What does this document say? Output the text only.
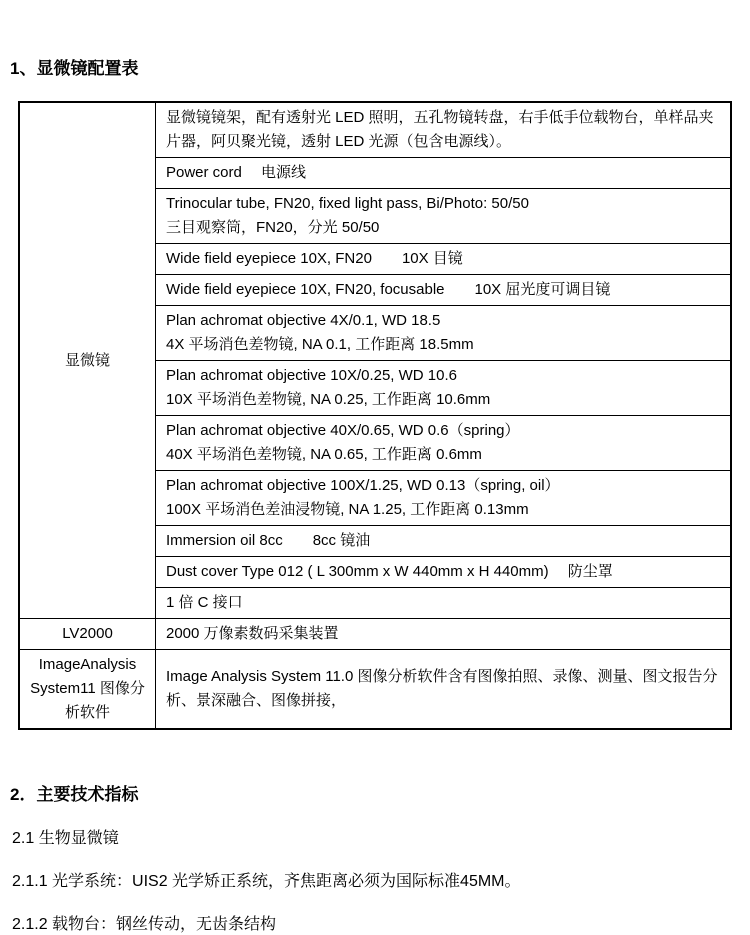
1、显微镜配置表
显微镜	显微镜镜架，配有透射光 LED 照明，五孔物镜转盘，右手低手位载物台，单样品夹片器，阿贝聚光镜，透射 LED 光源（包含电源线）。

	Power cord　 电源线

	Trinocular tube, FN20, fixed light pass, Bi/Photo: 50/50
三目观察筒，FN20，分光 50/50

	Wide field eyepiece 10X, FN20　　10X 目镜

	Wide field eyepiece 10X, FN20, focusable　　10X 屈光度可调目镜

	Plan achromat objective 4X/0.1, WD 18.5
4X 平场消色差物镜, NA 0.1, 工作距离 18.5mm

	Plan achromat objective 10X/0.25, WD 10.6
10X 平场消色差物镜, NA 0.25, 工作距离 10.6mm

	Plan achromat objective 40X/0.65, WD 0.6（spring）
40X 平场消色差物镜, NA 0.65, 工作距离 0.6mm

	Plan achromat objective 100X/1.25, WD 0.13（spring, oil）
100X 平场消色差油浸物镜, NA 1.25, 工作距离 0.13mm

	Immersion oil 8cc　　8cc 镜油

	Dust cover Type 012 ( L 300mm x W 440mm x H 440mm)　 防尘罩

	1 倍 C 接口

LV2000	2000 万像素数码采集装置

ImageAnalysis System11 图像分析软件	Image Analysis System 11.0 图像分析软件含有图像拍照、录像、测量、图文报告分析、景深融合、图像拼接，
2．主要技术指标

2.1 生物显微镜

2.1.1 光学系统：UIS2 光学矫正系统，齐焦距离必须为国际标准45MM。

2.1.2 载物台：钢丝传动，无齿条结构
